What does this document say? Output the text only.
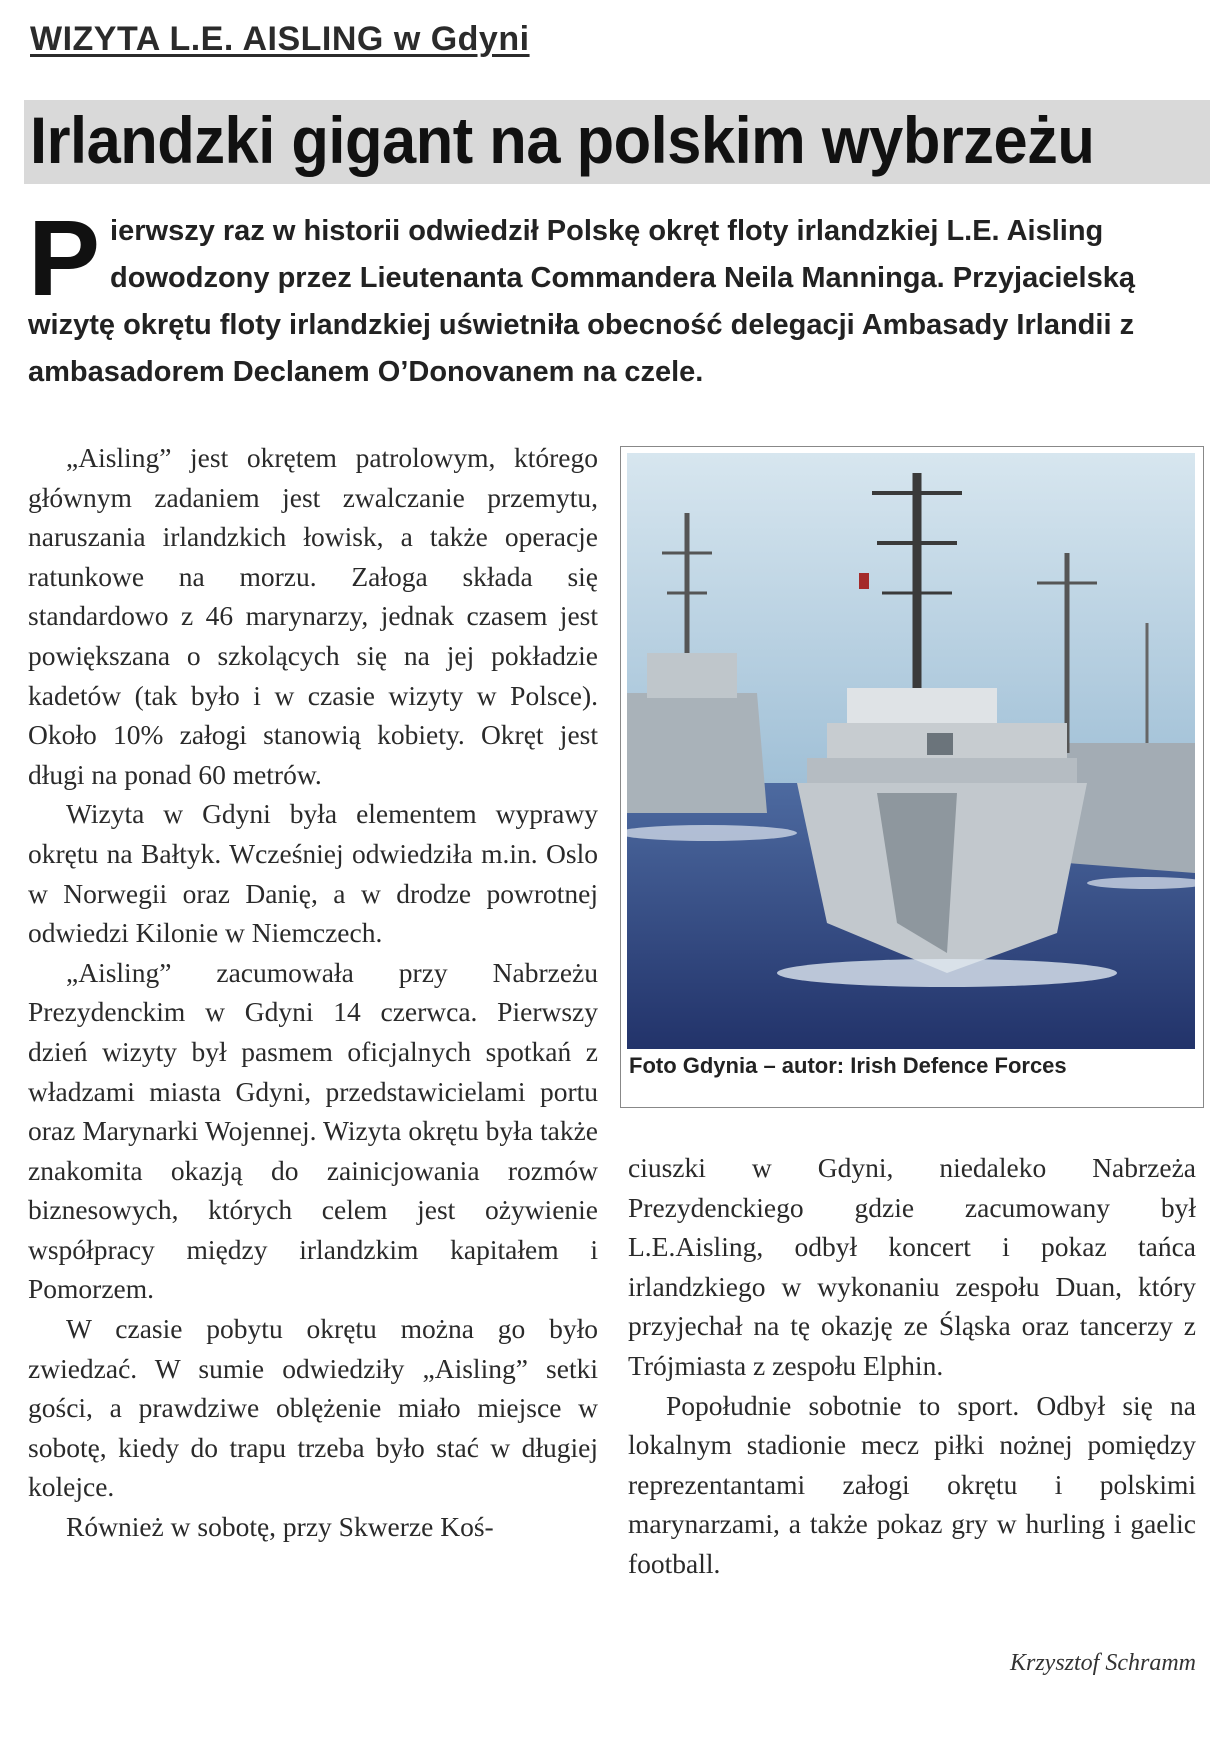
WIZYTA L.E. AISLING w Gdyni
Irlandzki gigant na polskim wybrzeżu
Pierwszy raz w historii odwiedził Polskę okręt floty irlandzkiej L.E. Aisling dowodzony przez Lieutenanta Commandera Neila Manninga. Przyjacielską wizytę okrętu floty irlandzkiej uświetniła obecność delegacji Ambasady Irlandii z ambasadorem Declanem O’Donovanem na czele.

„Aisling” jest okrętem patrolowym, którego głównym zadaniem jest zwalczanie przemytu, naruszania irlandzkich łowisk, a także operacje ratunkowe na morzu. Załoga składa się standardowo z 46 marynarzy, jednak czasem jest powiększana o szkolących się na jej pokładzie kadetów (tak było i w czasie wizyty w Polsce). Około 10% załogi stanowią kobiety. Okręt jest długi na ponad 60 metrów.

Wizyta w Gdyni była elementem wyprawy okrętu na Bałtyk. Wcześniej odwiedziła m.in. Oslo w Norwegii oraz Danię, a w drodze powrotnej odwiedzi Kilonie w Niemczech.

„Aisling” zacumowała przy Nabrzeżu Prezydenckim w Gdyni 14 czerwca. Pierwszy dzień wizyty był pasmem oficjalnych spotkań z władzami miasta Gdyni, przedstawicielami portu oraz Marynarki Wojennej. Wizyta okrętu była także znakomita okazją do zainicjowania rozmów biznesowych, których celem jest ożywienie współpracy między irlandzkim kapitałem i Pomorzem.

W czasie pobytu okrętu można go było zwiedzać. W sumie odwiedziły „Aisling” setki gości, a prawdziwe oblężenie miało miejsce w sobotę, kiedy do trapu trzeba było stać w długiej kolejce.

Również w sobotę, przy Skwerze Koś-

Foto Gdynia – autor: Irish Defence Forces

ciuszki w Gdyni, niedaleko Nabrzeża Prezydenckiego gdzie zacumowany był L.E.Aisling, odbył koncert i pokaz tańca irlandzkiego w wykonaniu zespołu Duan, który przyjechał na tę okazję ze Śląska oraz tancerzy z Trójmiasta z zespołu Elphin.

Popołudnie sobotnie to sport. Odbył się na lokalnym stadionie mecz piłki nożnej pomiędzy reprezentantami załogi okrętu i polskimi marynarzami, a także pokaz gry w hurling i gaelic football.

Krzysztof Schramm
